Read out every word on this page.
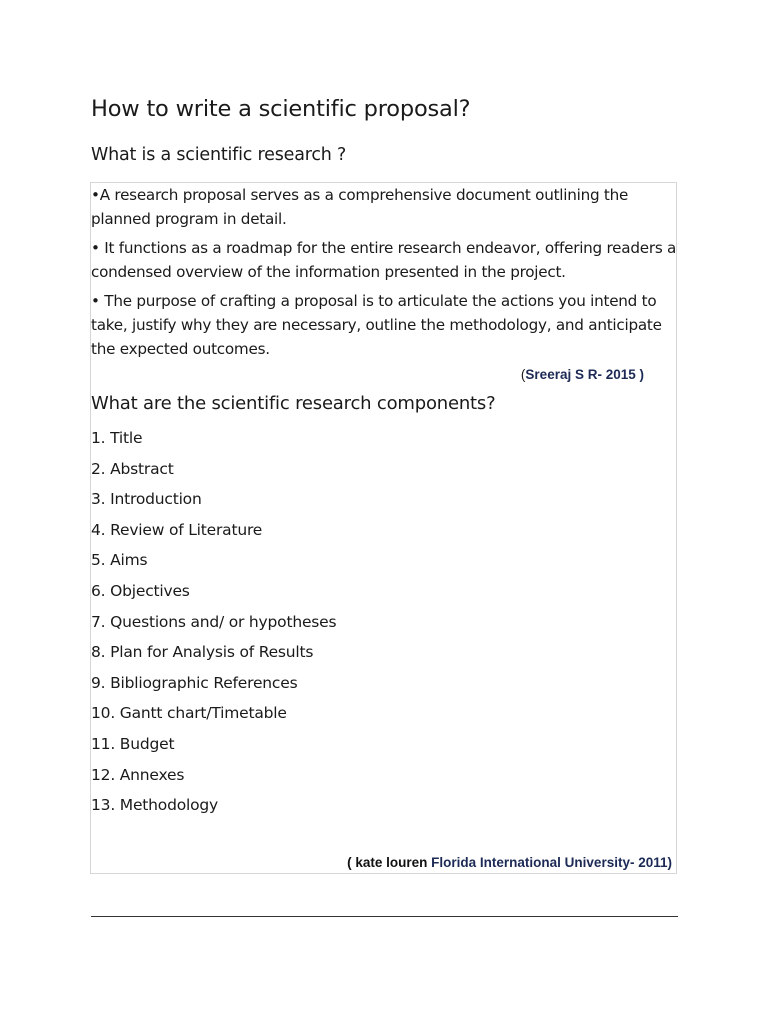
How to write a scientific proposal?
What is a scientific research ?

•A research proposal serves as a comprehensive document outlining the
planned program in detail.

• It functions as a roadmap for the entire research endeavor, offering readers a
condensed overview of the information presented in the project.

• The purpose of crafting a proposal is to articulate the actions you intend to
take, justify why they are necessary, outline the methodology, and anticipate
the expected outcomes.

(Sreeraj S R- 2015 )
What are the scientific research components?
1. Title
2. Abstract
3. Introduction
4. Review of Literature
5. Aims
6. Objectives
7. Questions and/ or hypotheses
8. Plan for Analysis of Results
9. Bibliographic References
10. Gantt chart/Timetable
11. Budget
12. Annexes
13. Methodology
( kate louren Florida International University- 2011)
